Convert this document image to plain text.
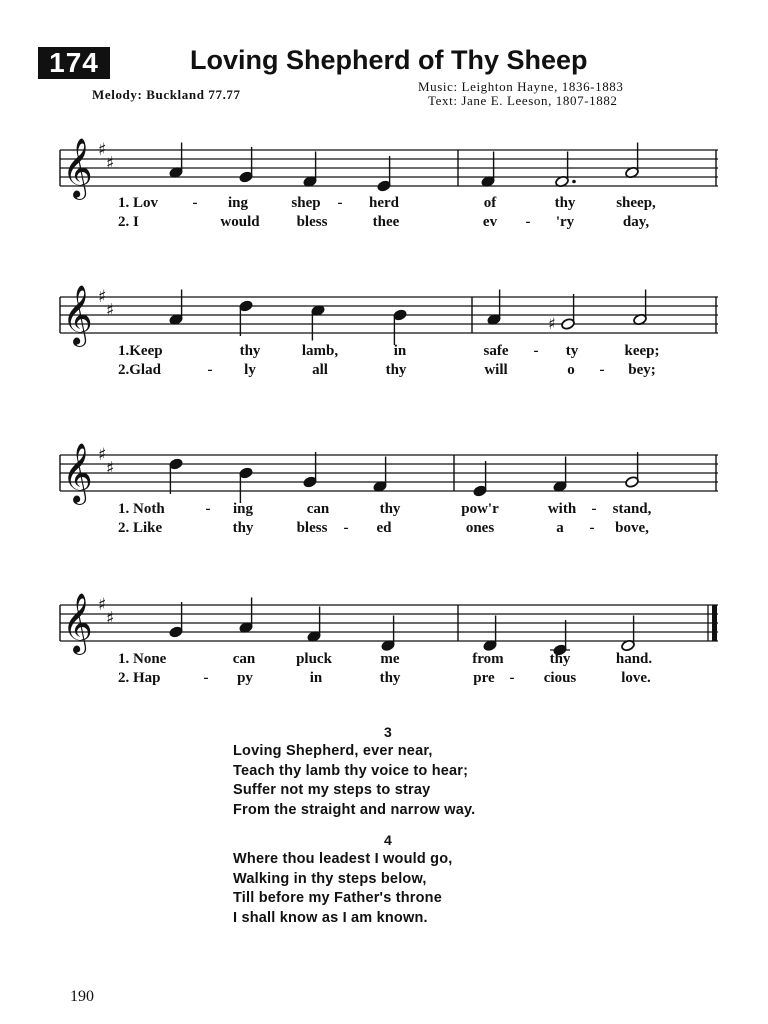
174	Loving Shepherd of Thy Sheep
Melody: Buckland 77.77
Music: Leighton Hayne, 1836-1883
Text: Jane E. Leeson, 1807-1882
𝄞 ♯
♯
𝄞 ♯
♯
♯
𝄞 ♯
♯
𝄞 ♯
♯
1. Lov - ing	shep - herd	of	thy	sheep,
2. I	would bless	thee	ev - 'ry	day,
1.Keep	thy	lamb,	in	safe - ty	keep;
2.Glad	- ly	all	thy	will	o - bey;
1. Noth	- ing	can	thy	pow'r	with - stand,
2. Like	thy	bless - ed	ones	a - bove,
1. None	can	pluck	me	from	thy	hand.
2. Hap	- py	in	thy	pre - cious	love.
3
Loving Shepherd, ever near,
Teach thy lamb thy voice to hear;
Suffer not my steps to stray
From the straight and narrow way.
4
Where thou leadest I would go,
Walking in thy steps below,
Till before my Father's throne
I shall know as I am known.
190
